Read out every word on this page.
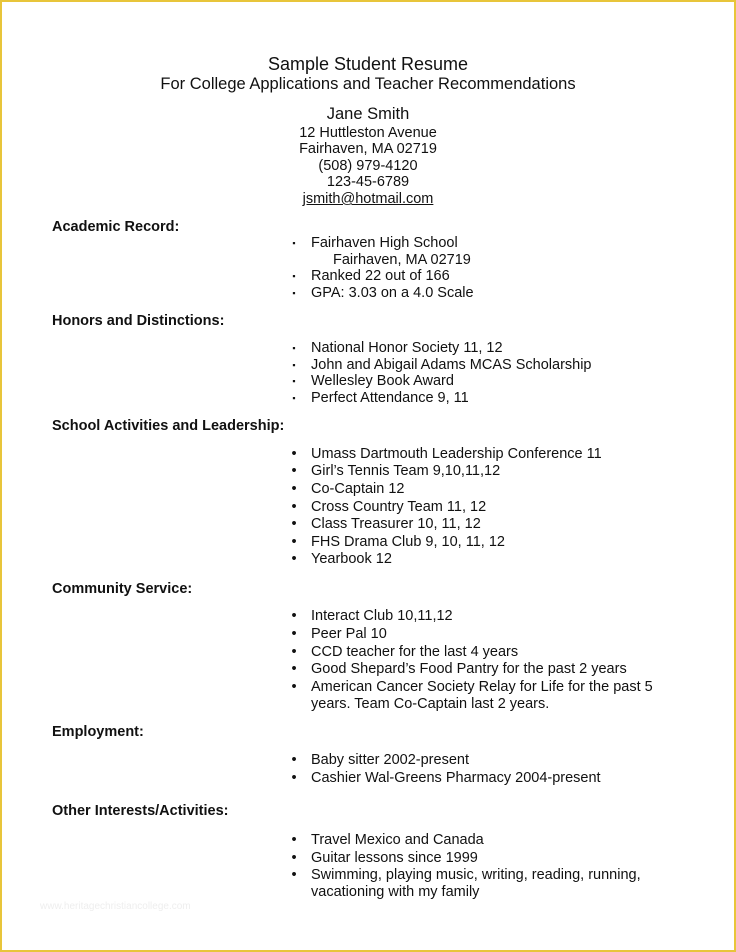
Sample Student Resume
For College Applications and Teacher Recommendations
Jane Smith
12 Huttleston Avenue
Fairhaven, MA 02719
(508) 979-4120
123-45-6789
jsmith@hotmail.com
Academic Record:
▪	Fairhaven High School
Fairhaven, MA 02719
▪	Ranked 22 out of 166
▪	GPA: 3.03 on a 4.0 Scale
Honors and Distinctions:
▪	National Honor Society 11, 12
▪	John and Abigail Adams MCAS Scholarship
▪	Wellesley Book Award
▪	Perfect Attendance 9, 11
School Activities and Leadership:
• Umass Dartmouth Leadership Conference 11
• Girl’s Tennis Team 9,10,11,12
• Co-Captain 12
• Cross Country Team 11, 12
• Class Treasurer 10, 11, 12
• FHS Drama Club 9, 10, 11, 12
• Yearbook 12
Community Service:
• Interact Club 10,11,12
• Peer Pal 10
• CCD teacher for the last 4 years
• Good Shepard’s Food Pantry for the past 2 years
• American Cancer Society Relay for Life for the past 5
years. Team Co-Captain last 2 years.
Employment:
• Baby sitter 2002-present
• Cashier Wal-Greens Pharmacy 2004-present
Other Interests/Activities:
• Travel Mexico and Canada
• Guitar lessons since 1999
• Swimming, playing music, writing, reading, running,
vacationing with my family
www.heritagechristiancollege.com
